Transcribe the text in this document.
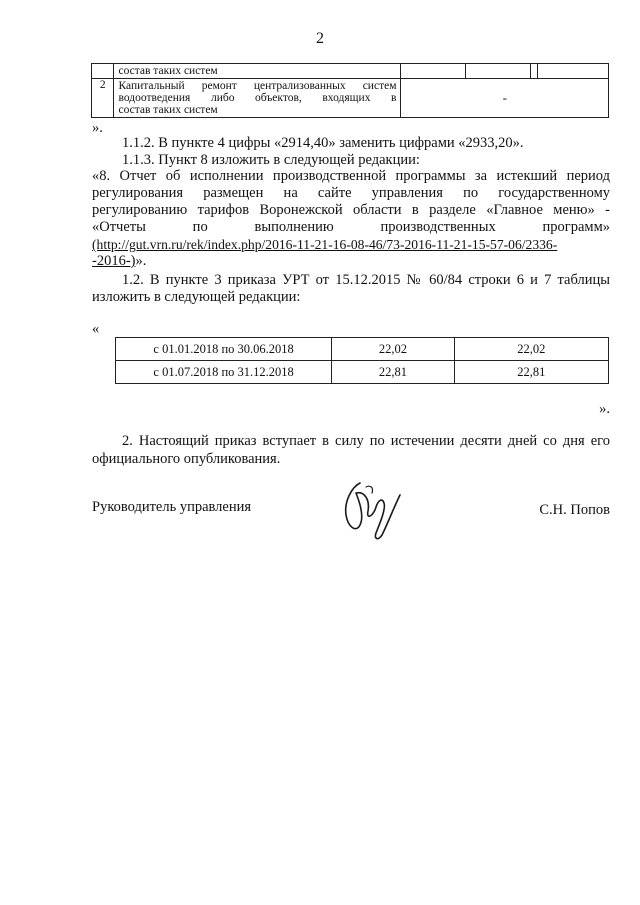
2
	состав таких систем				
2	Капитальный ремонт централизованных систем
водоотведения либо объектов, входящих в
состав таких систем	-			
».
1.1.2. В пункте 4 цифры «2914,40» заменить цифрами «2933,20».
1.1.3. Пункт 8 изложить в следующей редакции:
«8. Отчет об исполнении производственной программы за истекший период
регулирования размещен на сайте управления по государственному
регулированию тарифов Воронежской области в разделе «Главное меню» -
«Отчеты по выполнению производственных программ»
(http://gut.vrn.ru/rek/index.php/2016-11-21-16-08-46/73-2016-11-21-15-57-06/2336-
-2016-)».
1.2. В пункте 3 приказа УРТ от 15.12.2015 № 60/84 строки 6 и 7 таблицы
изложить в следующей редакции:
«
с 01.01.2018 по 30.06.2018	22,02	22,02
с 01.07.2018 по 31.12.2018	22,81	22,81
».
2. Настоящий приказ вступает в силу по истечении десяти дней со дня его
официального опубликования.
Руководитель управления	С.Н. Попов
